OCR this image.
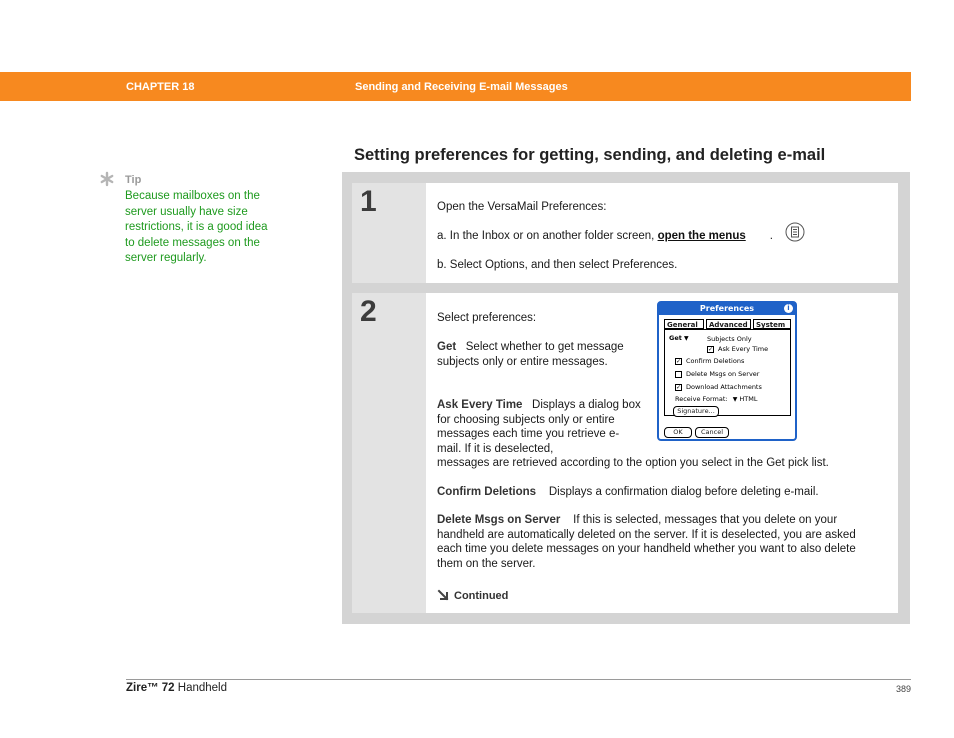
CHAPTER 18	Sending and Receiving E-mail Messages
Setting preferences for getting, sending, and deleting e-mail
Tip
Because mailboxes on the server usually have size restrictions, it is a good idea to delete messages on the server regularly.
1	Open the VersaMail Preferences:
a. In the Inbox or on another folder screen, open the menus .
b. Select Options, and then select Preferences.
2	Select preferences:
Get Select whether to get message subjects only or entire messages.
Ask Every Time Displays a dialog box for choosing subjects only or entire messages each time you retrieve e-mail. If it is deselected,
messages are retrieved according to the option you select in the Get pick list.
Confirm Deletions Displays a confirmation dialog before deleting e-mail.
Delete Msgs on Server If this is selected, messages that you delete on your handheld are automatically deleted on the server. If it is deselected, you are asked each time you delete messages on your handheld whether you want to also delete them on the server.
Continued
Preferences	i
General	Advanced	System
Get ▼	Subjects Only
✓ Ask Every Time
✓ Confirm Deletions
Delete Msgs on Server
✓ Download Attachments
Receive Format: ▼ HTML
Signature...
OK	Cancel
Zire™ 72 Handheld	389
